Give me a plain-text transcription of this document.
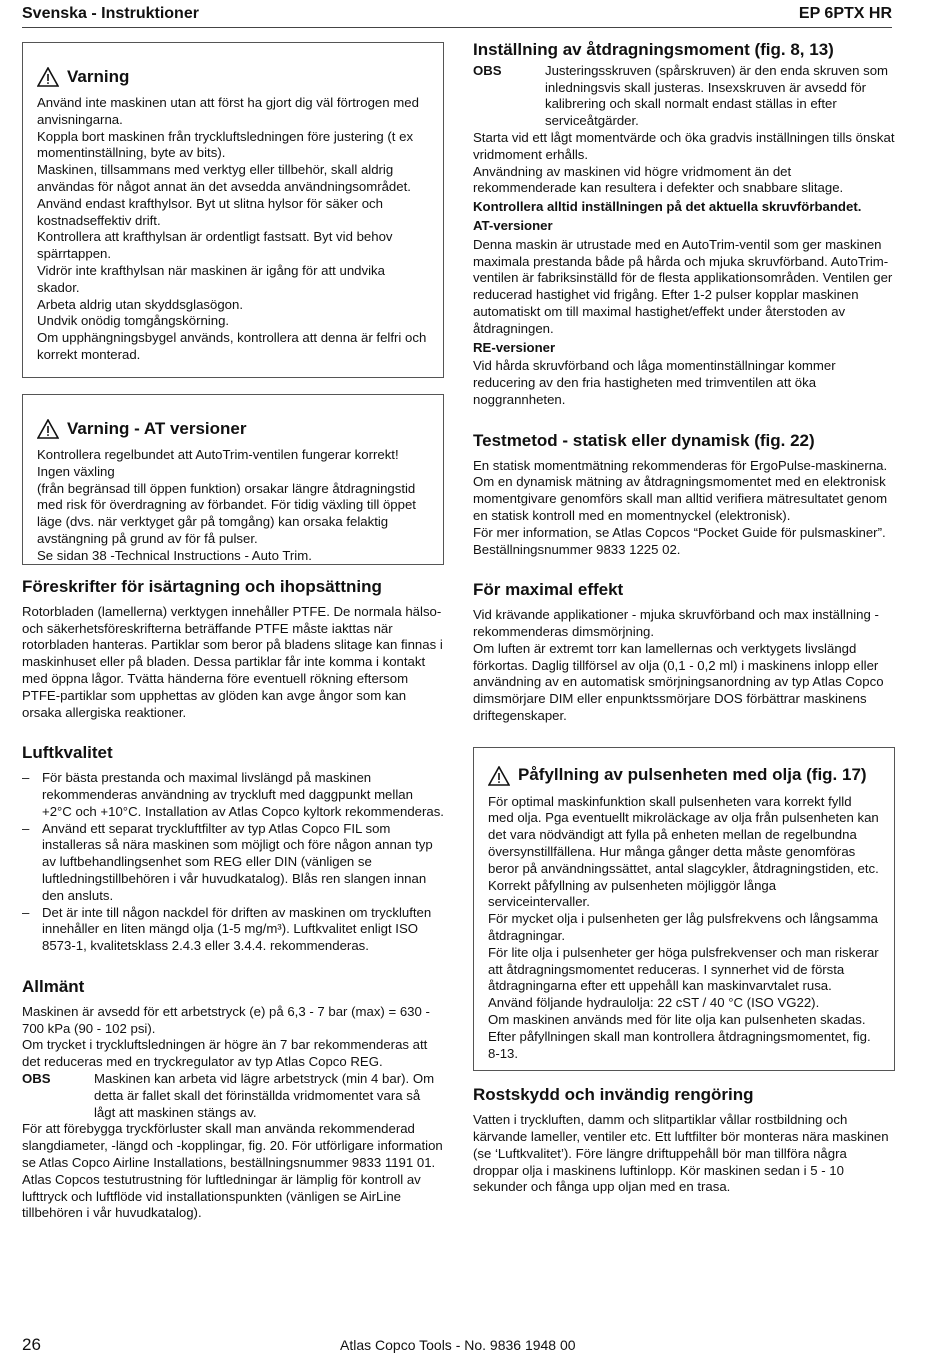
Svenska - Instruktioner	EP 6PTX HR
Varning

Använd inte maskinen utan att först ha gjort dig väl förtrogen med anvisningarna.

Koppla bort maskinen från tryckluftsledningen före justering (t ex momentinställning, byte av bits).

Maskinen, tillsammans med verktyg eller tillbehör, skall aldrig användas för något annat än det avsedda användningsområdet.

Använd endast krafthylsor. Byt ut slitna hylsor för säker och kostnadseffektiv drift.

Kontrollera att krafthylsan är ordentligt fastsatt. Byt vid behov spärrtappen.

Vidrör inte krafthylsan när maskinen är igång för att undvika skador.

Arbeta aldrig utan skyddsglasögon.

Undvik onödig tomgångskörning.

Om upphängningsbygel används, kontrollera att denna är felfri och korrekt monterad.

Varning - AT versioner

Kontrollera regelbundet att AutoTrim-ventilen fungerar korrekt!

Ingen växling

(från begränsad till öppen funktion) orsakar längre åtdragningstid med risk för överdragning av förbandet. För tidig växling till öppet läge (dvs. när verktyget går på tomgång) kan orsaka felaktig avstängning på grund av för få pulser.

Se sidan 38 -Technical Instructions - Auto Trim.

Föreskrifter för isärtagning och ihopsättning

Rotorbladen (lamellerna) verktygen innehåller PTFE. De normala hälso- och säkerhetsföreskrifterna beträffande PTFE måste iakttas när rotorbladen hanteras. Partiklar som beror på bladens slitage kan finnas i maskinhuset eller på bladen. Dessa partiklar får inte komma i kontakt med öppna lågor. Tvätta händerna före eventuell rökning eftersom PTFE-partiklar som upphettas av glöden kan avge ångor som kan orsaka allergiska reaktioner.

Luftkvalitet
– För bästa prestanda och maximal livslängd på maskinen rekommenderas användning av tryckluft med daggpunkt mellan +2°C och +10°C. Installation av Atlas Copco kyltork rekommenderas.
– Använd ett separat tryckluftfilter av typ Atlas Copco FIL som installeras så nära maskinen som möjligt och före någon annan typ av luftbehandlingsenhet som REG eller DIN (vänligen se luftledningstillbehören i vår huvudkatalog). Blås ren slangen innan den ansluts.
– Det är inte till någon nackdel för driften av maskinen om tryckluften innehåller en liten mängd olja (1-5 mg/m³). Luftkvalitet enligt ISO 8573-1, kvalitetsklass 2.4.3 eller 3.4.4. rekommenderas.
Allmänt

Maskinen är avsedd för ett arbetstryck (e) på 6,3 - 7 bar (max) = 630 - 700 kPa (90 - 102 psi).

Om trycket i tryckluftsledningen är högre än 7 bar rekommenderas att det reduceras med en tryckregulator av typ Atlas Copco REG.

OBS	Maskinen kan arbeta vid lägre arbetstryck (min 4 bar). Om detta är fallet skall det förinställda vridmomentet vara så lågt att maskinen stängs av.

För att förebygga tryckförluster skall man använda rekommenderad slangdiameter, -längd och -kopplingar, fig. 20. För utförligare information se Atlas Copco Airline Installations, beställningsnummer 9833 1191 01.

Atlas Copcos testutrustning för luftledningar är lämplig för kontroll av lufttryck och luftflöde vid installationspunkten (vänligen se AirLine tillbehören i vår huvudkatalog).

Inställning av åtdragningsmoment (fig. 8, 13)
OBS	Justeringsskruven (spårskruven) är den enda skruven som inledningsvis skall justeras. Insexskruven är avsedd för kalibrering och skall normalt endast ställas in efter serviceåtgärder.

Starta vid ett lågt momentvärde och öka gradvis inställningen tills önskat vridmoment erhålls.

Användning av maskinen vid högre vridmoment än det rekommenderade kan resultera i defekter och snabbare slitage.

Kontrollera alltid inställningen på det aktuella skruvförbandet.

AT-versioner

Denna maskin är utrustade med en AutoTrim-ventil som ger maskinen maximala prestanda både på hårda och mjuka skruvförband. AutoTrim-ventilen är fabriksinställd för de flesta applikationsområden. Ventilen ger reducerad hastighet vid frigång. Efter 1-2 pulser kopplar maskinen automatiskt om till maximal hastighet/effekt under återstoden av åtdragningen.

RE-versioner

Vid hårda skruvförband och låga momentinställningar kommer reducering av den fria hastigheten med trimventilen att öka noggrannheten.

Testmetod - statisk eller dynamisk (fig. 22)

En statisk momentmätning rekommenderas för ErgoPulse-maskinerna.

Om en dynamisk mätning av åtdragningsmomentet med en elektronisk momentgivare genomförs skall man alltid verifiera mätresultatet genom en statisk kontroll med en momentnyckel (elektronisk).

För mer information, se Atlas Copcos “Pocket Guide för pulsmaskiner”. Beställningsnummer 9833 1225 02.

För maximal effekt

Vid krävande applikationer - mjuka skruvförband och max inställning - rekommenderas dimsmörjning.

Om luften är extremt torr kan lamellernas och verktygets livslängd förkortas. Daglig tillförsel av olja (0,1 - 0,2 ml) i maskinens inlopp eller användning av en automatisk smörjningsanordning av typ Atlas Copco dimsmörjare DIM eller enpunktssmörjare DOS förbättrar maskinens driftegenskaper.

Påfyllning av pulsenheten med olja (fig. 17)

För optimal maskinfunktion skall pulsenheten vara korrekt fylld med olja. Pga eventuellt mikroläckage av olja från pulsenheten kan det vara nödvändigt att fylla på enheten mellan de regelbundna översynstillfällena. Hur många gånger detta måste genomföras beror på användningssättet, antal slagcykler, åtdragningstiden, etc. Korrekt påfyllning av pulsenheten möjliggör långa serviceintervaller.

För mycket olja i pulsenheten ger låg pulsfrekvens och långsamma åtdragningar.

För lite olja i pulsenheter ger höga pulsfrekvenser och man riskerar att åtdragningsmomentet reduceras. I synnerhet vid de första åtdragningarna efter ett uppehåll kan maskinvarvtalet rusa.

Använd följande hydraulolja: 22 cST / 40 °C (ISO VG22).

Om maskinen används med för lite olja kan pulsenheten skadas. Efter påfyllningen skall man kontrollera åtdragningsmomentet, fig. 8-13.

Rostskydd och invändig rengöring

Vatten i tryckluften, damm och slitpartiklar vållar rostbildning och kärvande lameller, ventiler etc. Ett luftfilter bör monteras nära maskinen (se ‘Luftkvalitet’). Före längre driftuppehåll bör man tillföra några droppar olja i maskinens luftinlopp. Kör maskinen sedan i 5 - 10 sekunder och fånga upp oljan med en trasa.

26	Atlas Copco Tools - No. 9836 1948 00
